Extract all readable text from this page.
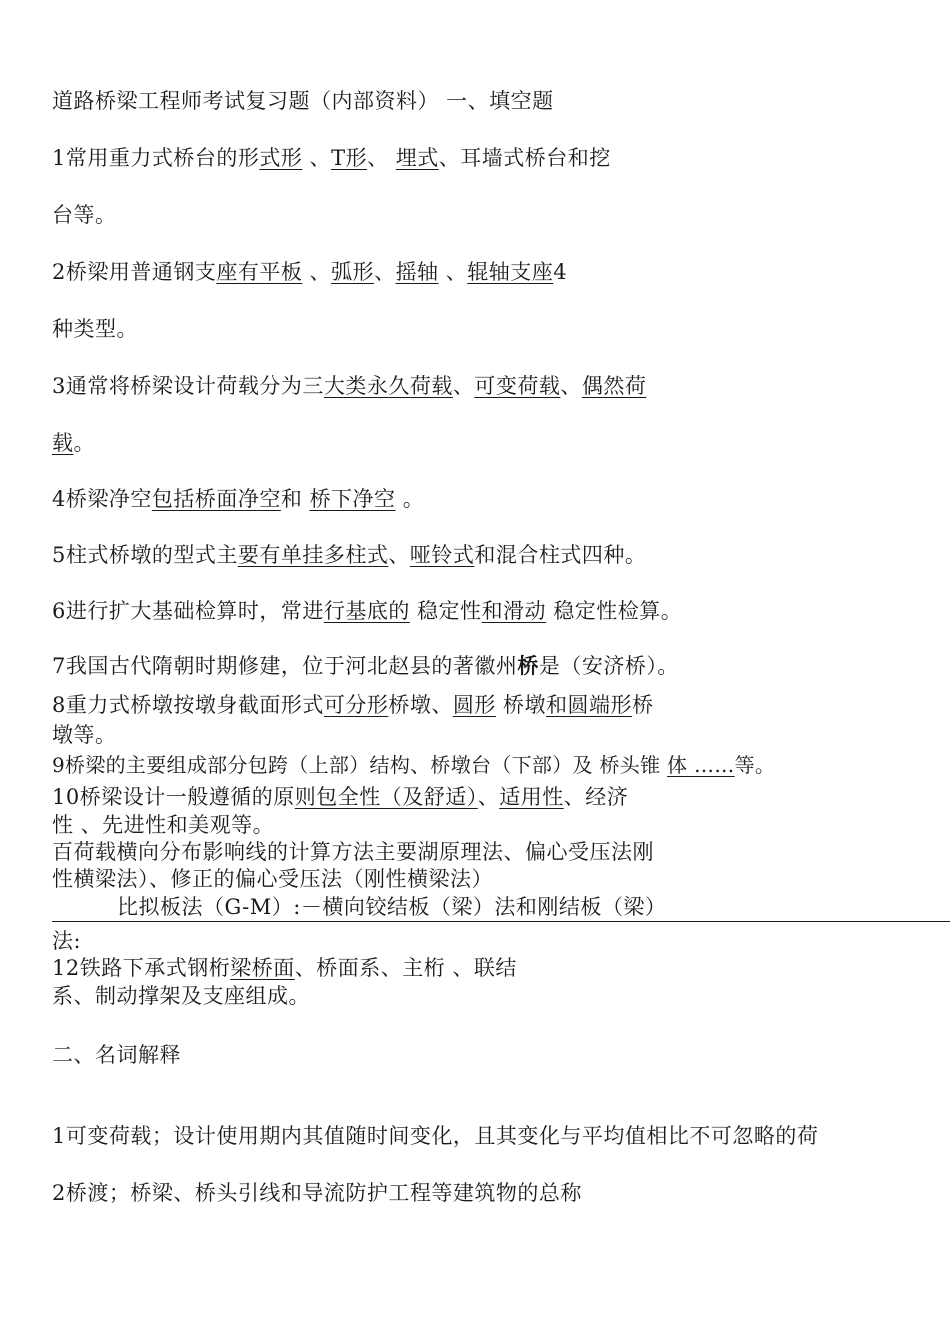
道路桥梁工程师考试复习题（内部资料） 一、填空题
1常用重力式桥台的形式形 、T形、 埋式、耳墙式桥台和挖
台等。
2桥梁用普通钢支座有平板 、弧形、摇轴 、辊轴支座4
种类型。
3通常将桥梁设计荷载分为三大类永久荷载、可变荷载、偶然荷
载。
4桥梁净空包括桥面净空和 桥下净空 。
5柱式桥墩的型式主要有单挂多柱式、哑铃式和混合柱式四种。
6进行扩大基础检算时，常进行基底的 稳定性和滑动 稳定性检算。
7我国古代隋朝时期修建，位于河北赵县的著徽州桥是（安济桥）。
8重力式桥墩按墩身截面形式可分形桥墩、圆形 桥墩和圆端形桥
墩等。
9桥梁的主要组成部分包跨（上部）结构、桥墩台（下部）及 桥头锥 体 ……等。
10桥梁设计一般遵循的原则包全性（及舒适）、适用性、经济
性 、先进性和美观等。
百荷载横向分布影响线的计算方法主要湖原理法、偏心受压法刚
性横梁法）、修正的偏心受压法（刚性横梁法）
比拟板法（G-M）:－横向铰结板（梁）法和刚结板（梁）
法:
12铁路下承式钢桁梁桥面、桥面系、主桁 、联结
系、制动撑架及支座组成。
二、名词解释
1可变荷载；设计使用期内其值随时间变化，且其变化与平均值相比不可忽略的荷
2桥渡；桥梁、桥头引线和导流防护工程等建筑物的总称
